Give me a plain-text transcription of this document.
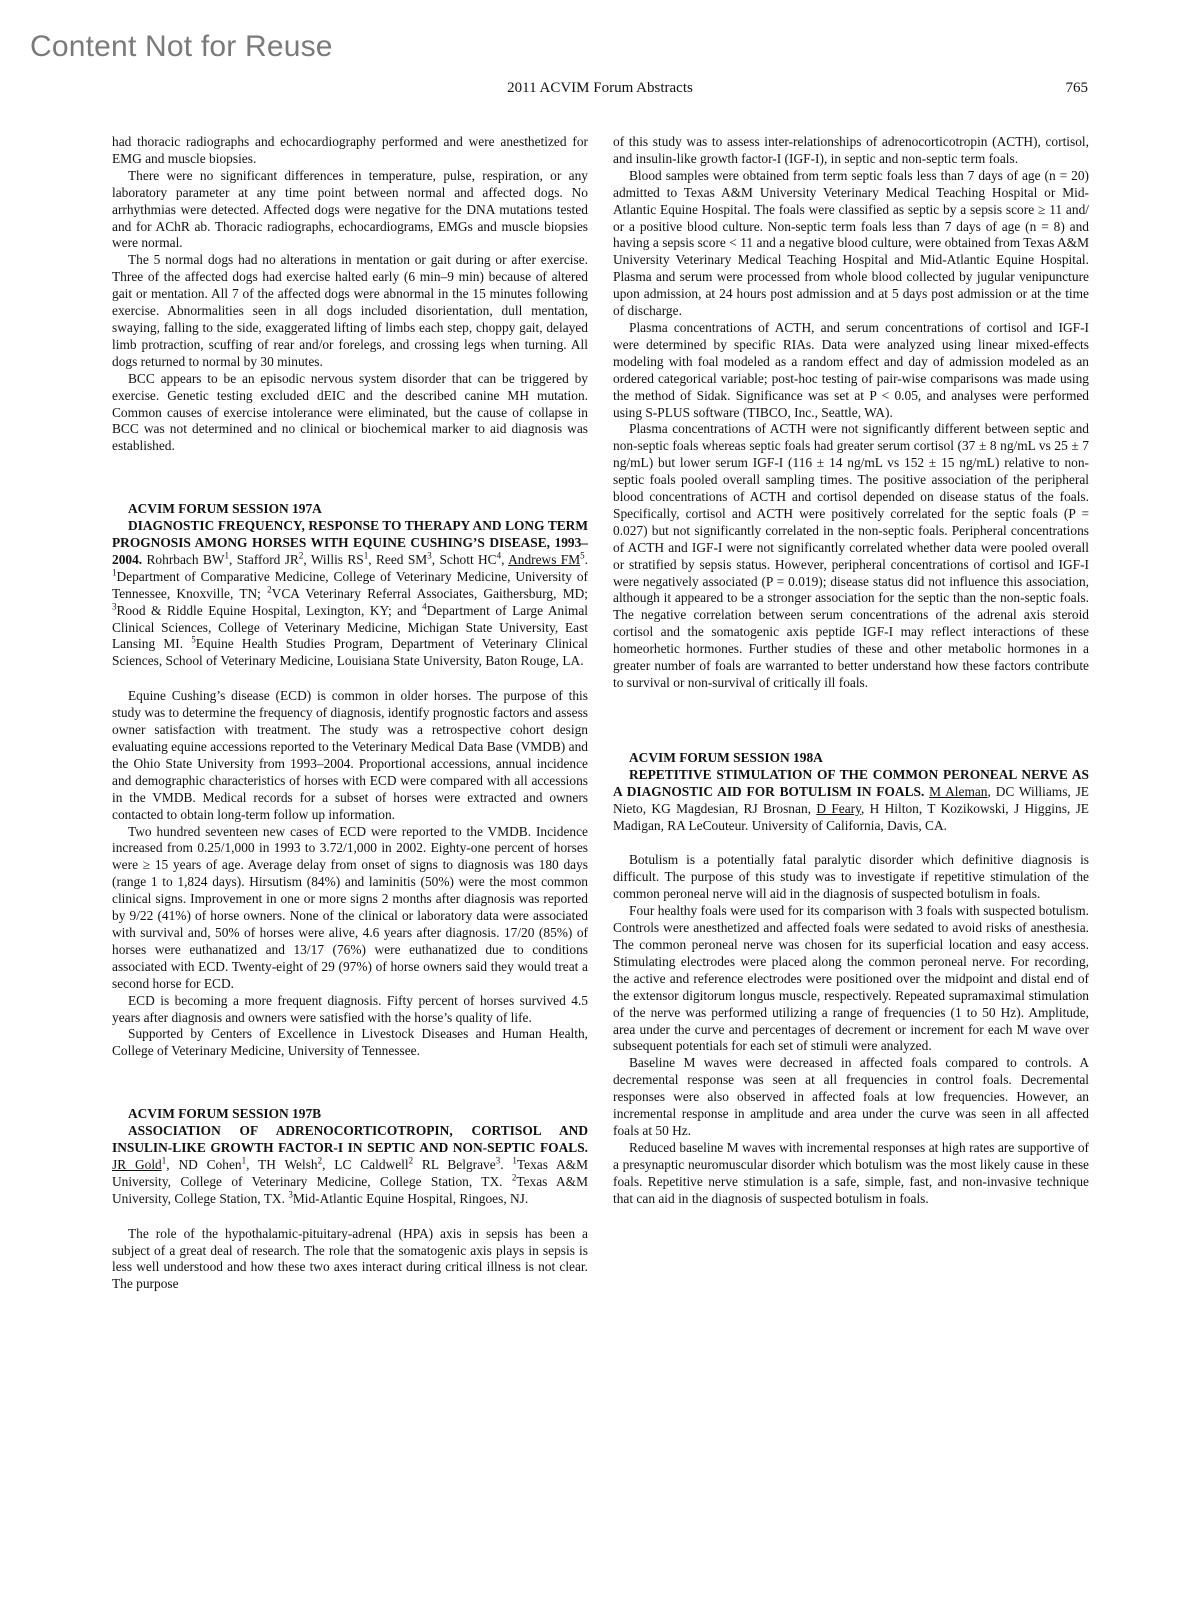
Content Not for Reuse
2011 ACVIM Forum Abstracts	765

had thoracic radiographs and echocardiography performed and were anesthetized for EMG and muscle biopsies.

There were no significant differences in temperature, pulse, respiration, or any laboratory parameter at any time point between normal and affected dogs. No arrhythmias were detected. Affected dogs were negative for the DNA mutations tested and for AChR ab. Thoracic radiographs, echocardiograms, EMGs and muscle biopsies were normal.

The 5 normal dogs had no alterations in mentation or gait during or after exercise. Three of the affected dogs had exercise halted early (6 min–9 min) because of altered gait or mentation. All 7 of the affected dogs were abnormal in the 15 minutes following exercise. Abnormalities seen in all dogs included disorientation, dull mentation, swaying, falling to the side, exaggerated lifting of limbs each step, choppy gait, delayed limb protraction, scuffing of rear and/or forelegs, and crossing legs when turning. All dogs returned to normal by 30 minutes.

BCC appears to be an episodic nervous system disorder that can be triggered by exercise. Genetic testing excluded dEIC and the described canine MH mutation. Common causes of exercise intolerance were eliminated, but the cause of collapse in BCC was not determined and no clinical or biochemical marker to aid diagnosis was established.

ACVIM FORUM SESSION 197A

DIAGNOSTIC FREQUENCY, RESPONSE TO THERAPY AND LONG TERM PROGNOSIS AMONG HORSES WITH EQUINE CUSHING’S DISEASE, 1993–2004. Rohrbach $BW^1$, Stafford $JR^2$, Willis $RS^1$, Reed $SM^3$, Schott $HC^4$, Andrews $FM^5$. $^1$Department of Comparative Medicine, College of Veterinary Medicine, University of Tennessee, Knoxville, TN; $^2$VCA Veterinary Referral Associates, Gaithersburg, MD; $^3$Rood & Riddle Equine Hospital, Lexington, KY; and $^4$Department of Large Animal Clinical Sciences, College of Veterinary Medicine, Michigan State University, East Lansing MI. $^5$Equine Health Studies Program, Department of Veterinary Clinical Sciences, School of Veterinary Medicine, Louisiana State University, Baton Rouge, LA.

Equine Cushing’s disease (ECD) is common in older horses. The purpose of this study was to determine the frequency of diagnosis, identify prognostic factors and assess owner satisfaction with treatment. The study was a retrospective cohort design evaluating equine accessions reported to the Veterinary Medical Data Base (VMDB) and the Ohio State University from 1993–2004. Proportional accessions, annual incidence and demographic characteristics of horses with ECD were compared with all accessions in the VMDB. Medical records for a subset of horses were extracted and owners contacted to obtain long-term follow up information.

Two hundred seventeen new cases of ECD were reported to the VMDB. Incidence increased from 0.25/1,000 in 1993 to 3.72/1,000 in 2002. Eighty-one percent of horses were ≥ 15 years of age. Average delay from onset of signs to diagnosis was 180 days (range 1 to 1,824 days). Hirsutism (84%) and laminitis (50%) were the most common clinical signs. Improvement in one or more signs 2 months after diagnosis was reported by 9/22 (41%) of horse owners. None of the clinical or laboratory data were associated with survival and, 50% of horses were alive, 4.6 years after diagnosis. 17/20 (85%) of horses were euthanatized and 13/17 (76%) were euthanatized due to conditions associated with ECD. Twenty-eight of 29 (97%) of horse owners said they would treat a second horse for ECD.

ECD is becoming a more frequent diagnosis. Fifty percent of horses survived 4.5 years after diagnosis and owners were satisfied with the horse’s quality of life.

Supported by Centers of Excellence in Livestock Diseases and Human Health, College of Veterinary Medicine, University of Tennessee.

ACVIM FORUM SESSION 197B

ASSOCIATION OF ADRENOCORTICOTROPIN, CORTISOL AND INSULIN-LIKE GROWTH FACTOR-I IN SEPTIC AND NON-SEPTIC FOALS. JR Gold$^1$, ND Cohen$^1$, TH Welsh$^2$, LC Caldwell$^2$ RL Belgrave$^3$. $^1$Texas A&M University, College of Veterinary Medicine, College Station, TX. $^2$Texas A&M University, College Station, TX. $^3$Mid-Atlantic Equine Hospital, Ringoes, NJ.

The role of the hypothalamic-pituitary-adrenal (HPA) axis in sepsis has been a subject of a great deal of research. The role that the somatogenic axis plays in sepsis is less well understood and how these two axes interact during critical illness is not clear. The purpose

of this study was to assess inter-relationships of adrenocorticotropin (ACTH), cortisol, and insulin-like growth factor-I (IGF-I), in septic and non-septic term foals.

Blood samples were obtained from term septic foals less than 7 days of age (n = 20) admitted to Texas A&M University Veterinary Medical Teaching Hospital or Mid-Atlantic Equine Hospital. The foals were classified as septic by a sepsis score ≥ 11 and/ or a positive blood culture. Non-septic term foals less than 7 days of age (n = 8) and having a sepsis score < 11 and a negative blood culture, were obtained from Texas A&M University Veterinary Medical Teaching Hospital and Mid-Atlantic Equine Hospital. Plasma and serum were processed from whole blood collected by jugular venipuncture upon admission, at 24 hours post admission and at 5 days post admission or at the time of discharge.

Plasma concentrations of ACTH, and serum concentrations of cortisol and IGF-I were determined by specific RIAs. Data were analyzed using linear mixed-effects modeling with foal modeled as a random effect and day of admission modeled as an ordered categorical variable; post-hoc testing of pair-wise comparisons was made using the method of Sidak. Significance was set at P < 0.05, and analyses were performed using S-PLUS software (TIBCO, Inc., Seattle, WA).

Plasma concentrations of ACTH were not significantly different between septic and non-septic foals whereas septic foals had greater serum cortisol (37 ± 8 ng/mL vs 25 ± 7 ng/mL) but lower serum IGF-I (116 ± 14 ng/mL vs 152 ± 15 ng/mL) relative to non-septic foals pooled overall sampling times. The positive association of the peripheral blood concentrations of ACTH and cortisol depended on disease status of the foals. Specifically, cortisol and ACTH were positively correlated for the septic foals (P = 0.027) but not significantly correlated in the non-septic foals. Peripheral concentrations of ACTH and IGF-I were not significantly correlated whether data were pooled overall or stratified by sepsis status. However, peripheral concentrations of cortisol and IGF-I were negatively associated (P = 0.019); disease status did not influence this association, although it appeared to be a stronger association for the septic than the non-septic foals. The negative correlation between serum concentrations of the adrenal axis steroid cortisol and the somatogenic axis peptide IGF-I may reflect interactions of these homeorhetic hormones. Further studies of these and other metabolic hormones in a greater number of foals are warranted to better understand how these factors contribute to survival or non-survival of critically ill foals.

ACVIM FORUM SESSION 198A

REPETITIVE STIMULATION OF THE COMMON PERONEAL NERVE AS A DIAGNOSTIC AID FOR BOTULISM IN FOALS. M Aleman, DC Williams, JE Nieto, KG Magdesian, RJ Brosnan, D Feary, H Hilton, T Kozikowski, J Higgins, JE Madigan, RA LeCouteur. University of California, Davis, CA.

Botulism is a potentially fatal paralytic disorder which definitive diagnosis is difficult. The purpose of this study was to investigate if repetitive stimulation of the common peroneal nerve will aid in the diagnosis of suspected botulism in foals.

Four healthy foals were used for its comparison with 3 foals with suspected botulism. Controls were anesthetized and affected foals were sedated to avoid risks of anesthesia. The common peroneal nerve was chosen for its superficial location and easy access. Stimulating electrodes were placed along the common peroneal nerve. For recording, the active and reference electrodes were positioned over the midpoint and distal end of the extensor digitorum longus muscle, respectively. Repeated supramaximal stimulation of the nerve was performed utilizing a range of frequencies (1 to 50 Hz). Amplitude, area under the curve and percentages of decrement or increment for each M wave over subsequent potentials for each set of stimuli were analyzed.

Baseline M waves were decreased in affected foals compared to controls. A decremental response was seen at all frequencies in control foals. Decremental responses were also observed in affected foals at low frequencies. However, an incremental response in amplitude and area under the curve was seen in all affected foals at 50 Hz.

Reduced baseline M waves with incremental responses at high rates are supportive of a presynaptic neuromuscular disorder which botulism was the most likely cause in these foals. Repetitive nerve stimulation is a safe, simple, fast, and non-invasive technique that can aid in the diagnosis of suspected botulism in foals.
